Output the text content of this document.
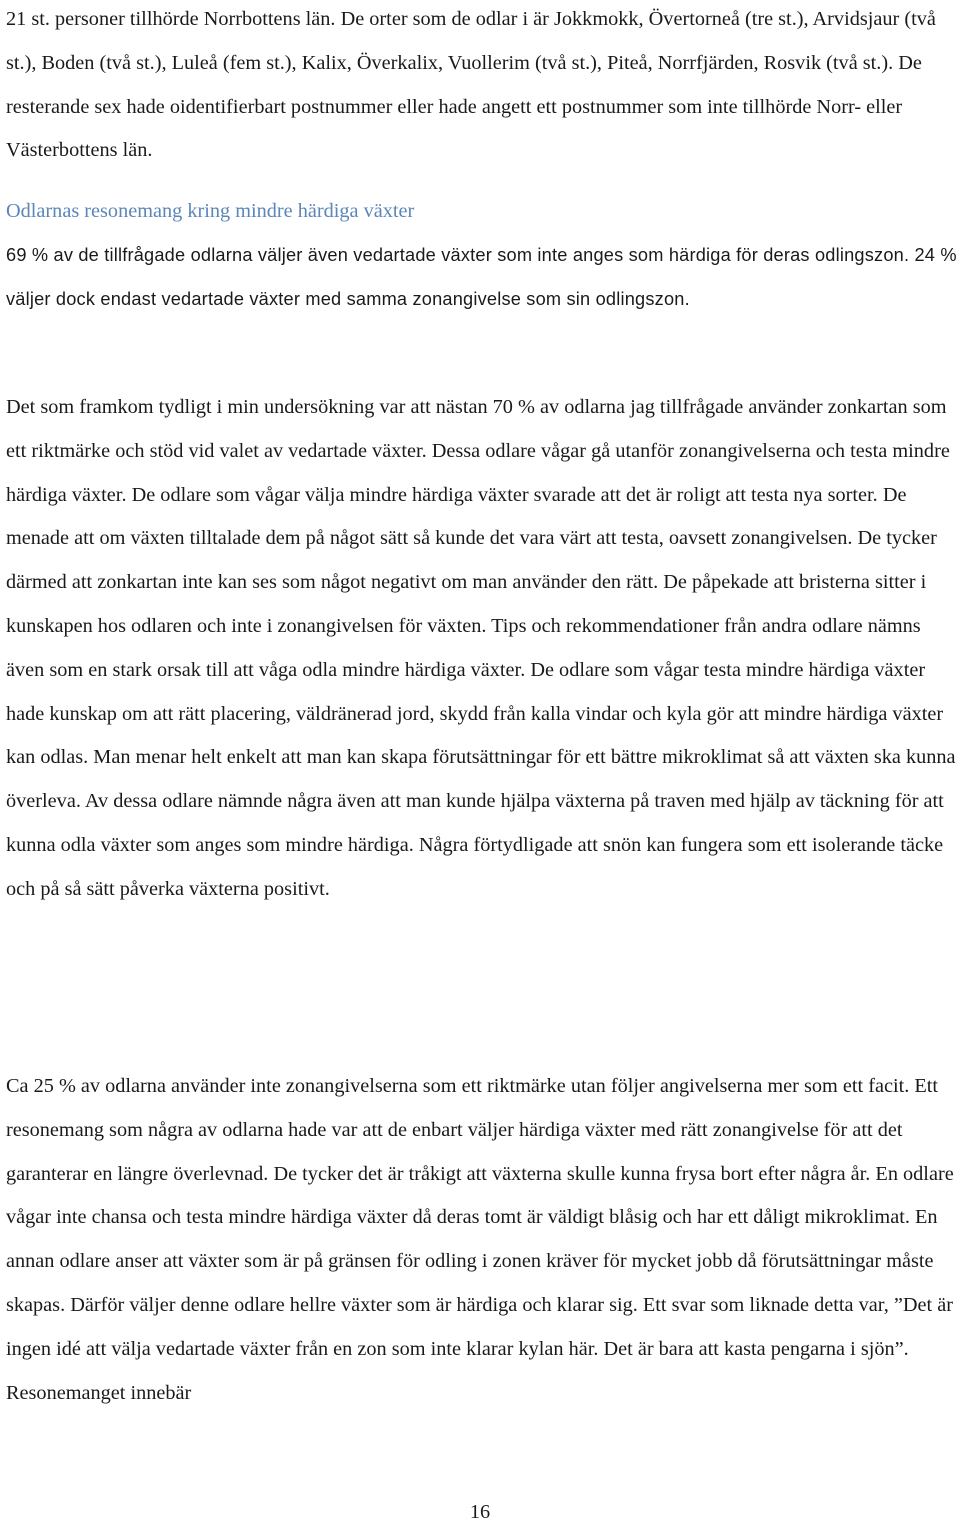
21 st. personer tillhörde Norrbottens län. De orter som de odlar i är Jokkmokk, Övertorneå (tre st.), Arvidsjaur (två st.), Boden (två st.), Luleå (fem st.), Kalix, Överkalix, Vuollerim (två st.), Piteå, Norrfjärden, Rosvik (två st.). De resterande sex hade oidentifierbart postnummer eller hade angett ett postnummer som inte tillhörde Norr- eller Västerbottens län.

Odlarnas resonemang kring mindre härdiga växter

69 % av de tillfrågade odlarna väljer även vedartade växter som inte anges som härdiga för deras odlingszon. 24 % väljer dock endast vedartade växter med samma zonangivelse som sin odlingszon.

Det som framkom tydligt i min undersökning var att nästan 70 % av odlarna jag tillfrågade använder zonkartan som ett riktmärke och stöd vid valet av vedartade växter. Dessa odlare vågar gå utanför zonangivelserna och testa mindre härdiga växter. De odlare som vågar välja mindre härdiga växter svarade att det är roligt att testa nya sorter. De menade att om växten tilltalade dem på något sätt så kunde det vara värt att testa, oavsett zonangivelsen. De tycker därmed att zonkartan inte kan ses som något negativt om man använder den rätt. De påpekade att bristerna sitter i kunskapen hos odlaren och inte i zonangivelsen för växten. Tips och rekommendationer från andra odlare nämns även som en stark orsak till att våga odla mindre härdiga växter. De odlare som vågar testa mindre härdiga växter hade kunskap om att rätt placering, väldränerad jord, skydd från kalla vindar och kyla gör att mindre härdiga växter kan odlas. Man menar helt enkelt att man kan skapa förutsättningar för ett bättre mikroklimat så att växten ska kunna överleva. Av dessa odlare nämnde några även att man kunde hjälpa växterna på traven med hjälp av täckning för att kunna odla växter som anges som mindre härdiga. Några förtydligade att snön kan fungera som ett isolerande täcke och på så sätt påverka växterna positivt.

Ca 25 % av odlarna använder inte zonangivelserna som ett riktmärke utan följer angivelserna mer som ett facit. Ett resonemang som några av odlarna hade var att de enbart väljer härdiga växter med rätt zonangivelse för att det garanterar en längre överlevnad. De tycker det är tråkigt att växterna skulle kunna frysa bort efter några år. En odlare vågar inte chansa och testa mindre härdiga växter då deras tomt är väldigt blåsig och har ett dåligt mikroklimat. En annan odlare anser att växter som är på gränsen för odling i zonen kräver för mycket jobb då förutsättningar måste skapas. Därför väljer denne odlare hellre växter som är härdiga och klarar sig. Ett svar som liknade detta var, ”Det är ingen idé att välja vedartade växter från en zon som inte klarar kylan här. Det är bara att kasta pengarna i sjön”. Resonemanget innebär

16
